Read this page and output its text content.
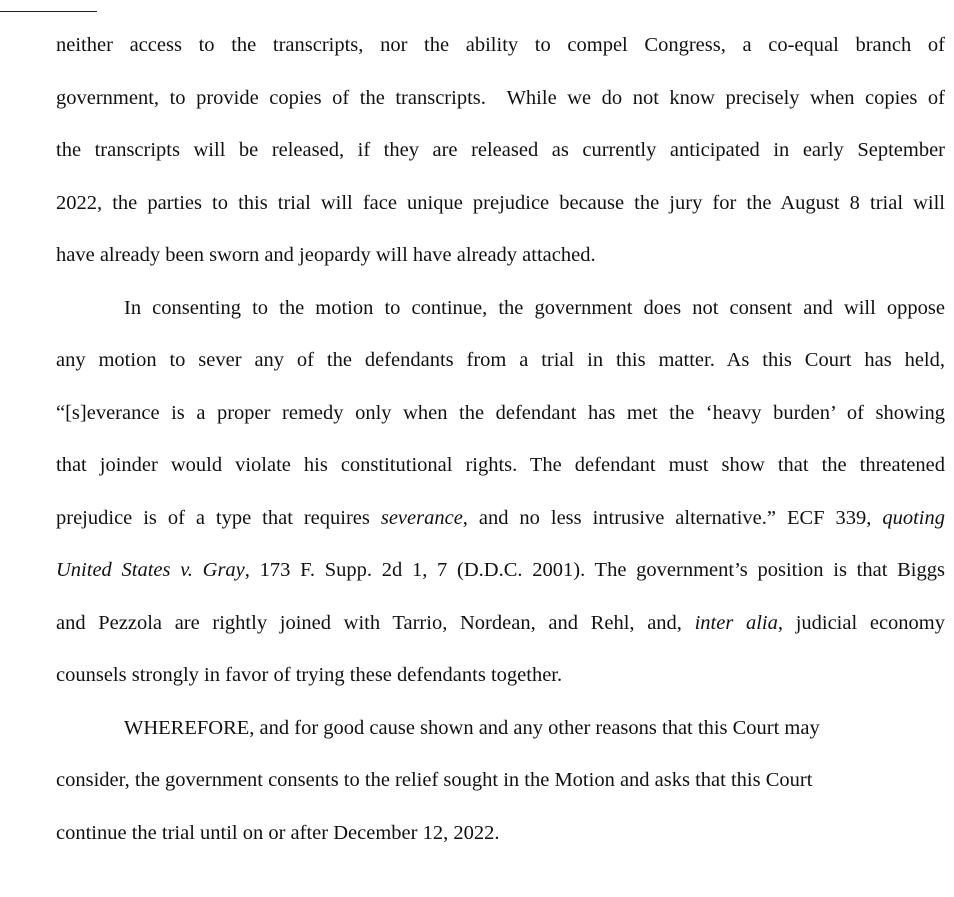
neither access to the transcripts, nor the ability to compel Congress, a co-equal branch of
government, to provide copies of the transcripts.  While we do not know precisely when copies of
the transcripts will be released, if they are released as currently anticipated in early September
2022, the parties to this trial will face unique prejudice because the jury for the August 8 trial will
have already been sworn and jeopardy will have already attached.
In consenting to the motion to continue, the government does not consent and will oppose
any motion to sever any of the defendants from a trial in this matter. As this Court has held,
“[s]everance is a proper remedy only when the defendant has met the ‘heavy burden’ of showing
that joinder would violate his constitutional rights. The defendant must show that the threatened
prejudice is of a type that requires severance, and no less intrusive alternative.” ECF 339, quoting
United States v. Gray, 173 F. Supp. 2d 1, 7 (D.D.C. 2001). The government’s position is that Biggs
and Pezzola are rightly joined with Tarrio, Nordean, and Rehl, and, inter alia, judicial economy
counsels strongly in favor of trying these defendants together.
WHEREFORE, and for good cause shown and any other reasons that this Court may
consider, the government consents to the relief sought in the Motion and asks that this Court
continue the trial until on or after December 12, 2022.
